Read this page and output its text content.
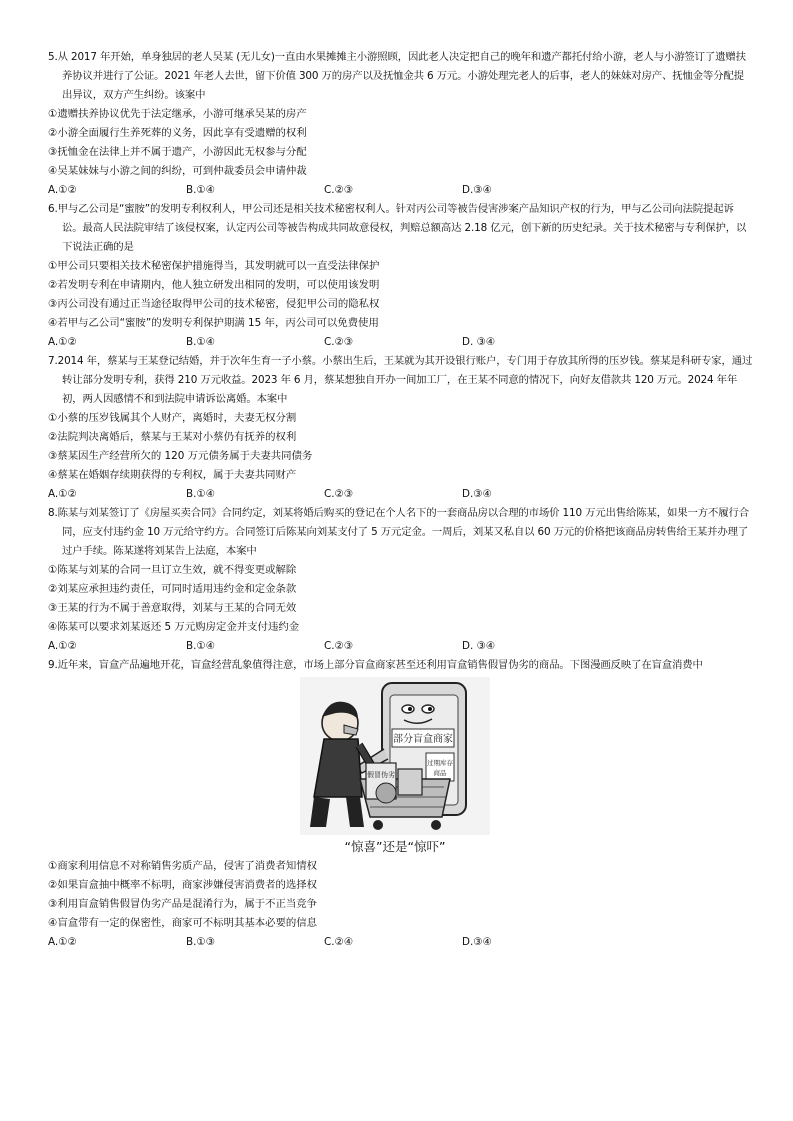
5.从 2017 年开始，单身独居的老人吴某 (无儿女)一直由水果摊摊主小游照顾，因此老人决定把自己的晚年和遗产都托付给小游，老人与小游签订了遗赠扶养协议并进行了公证。2021 年老人去世，留下价值 300 万的房产以及抚恤金共 6 万元。小游处理完老人的后事，老人的妹妹对房产、抚恤金等分配提出异议，双方产生纠纷。该案中

①遗赠扶养协议优先于法定继承，小游可继承吴某的房产

②小游全面履行生养死葬的义务，因此享有受遗赠的权利

③抚恤金在法律上并不属于遗产，小游因此无权参与分配

④吴某妹妹与小游之间的纠纷，可到仲裁委员会申请仲裁

A.①②	B.①④	C.②③	D.③④

6.甲与乙公司是“蜜胺”的发明专利权利人，甲公司还是相关技术秘密权利人。针对丙公司等被告侵害涉案产品知识产权的行为，甲与乙公司向法院提起诉讼。最高人民法院审结了该侵权案，认定丙公司等被告构成共同故意侵权，判赔总额高达 2.18 亿元，创下新的历史纪录。关于技术秘密与专利保护，以下说法正确的是

①甲公司只要相关技术秘密保护措施得当，其发明就可以一直受法律保护

②若发明专利在申请期内，他人独立研发出相同的发明，可以使用该发明

③丙公司没有通过正当途径取得甲公司的技术秘密，侵犯甲公司的隐私权

④若甲与乙公司“蜜胺”的发明专利保护期满 15 年，丙公司可以免费使用

A.①②	B.①④	C.②③	D. ③④

7.2014 年，蔡某与王某登记结婚，并于次年生育一子小蔡。小蔡出生后，王某就为其开设银行账户，专门用于存放其所得的压岁钱。蔡某是科研专家，通过转让部分发明专利，获得 210 万元收益。2023 年 6 月，蔡某想独自开办一间加工厂，在王某不同意的情况下，向好友借款共 120 万元。2024 年年初，两人因感情不和到法院申请诉讼离婚。本案中

①小蔡的压岁钱属其个人财产，离婚时，夫妻无权分割

②法院判决离婚后，蔡某与王某对小蔡仍有抚养的权利

③蔡某因生产经营所欠的 120 万元债务属于夫妻共同债务

④蔡某在婚姻存续期获得的专利权，属于夫妻共同财产

A.①②	B.①④	C.②③	D.③④

8.陈某与刘某签订了《房屋买卖合同》合同约定，刘某将婚后购买的登记在个人名下的一套商品房以合理的市场价 110 万元出售给陈某，如果一方不履行合同，应支付违约金 10 万元给守约方。合同签订后陈某向刘某支付了 5 万元定金。一周后，刘某又私自以 60 万元的价格把该商品房转售给王某并办理了过户手续。陈某遂将刘某告上法庭，本案中

①陈某与刘某的合同一旦订立生效，就不得变更或解除

②刘某应承担违约责任，可同时适用违约金和定金条款

③王某的行为不属于善意取得，刘某与王某的合同无效

④陈某可以要求刘某返还 5 万元购房定金并支付违约金

A.①②	B.①④	C.②③	D. ③④

9.近年来，盲盒产品遍地开花，盲盒经营乱象值得注意，市场上部分盲盒商家甚至还利用盲盒销售假冒伪劣的商品。下图漫画反映了在盲盒消费中

部分盲盒商家
过期库存
商品
假冒伪劣
“惊喜”还是“惊吓”

①商家利用信息不对称销售劣质产品，侵害了消费者知情权

②如果盲盒抽中概率不标明，商家涉嫌侵害消费者的选择权

③利用盲盒销售假冒伪劣产品是混淆行为，属于不正当竞争

④盲盒带有一定的保密性，商家可不标明其基本必要的信息

A.①②	B.①③	C.②④	D.③④
